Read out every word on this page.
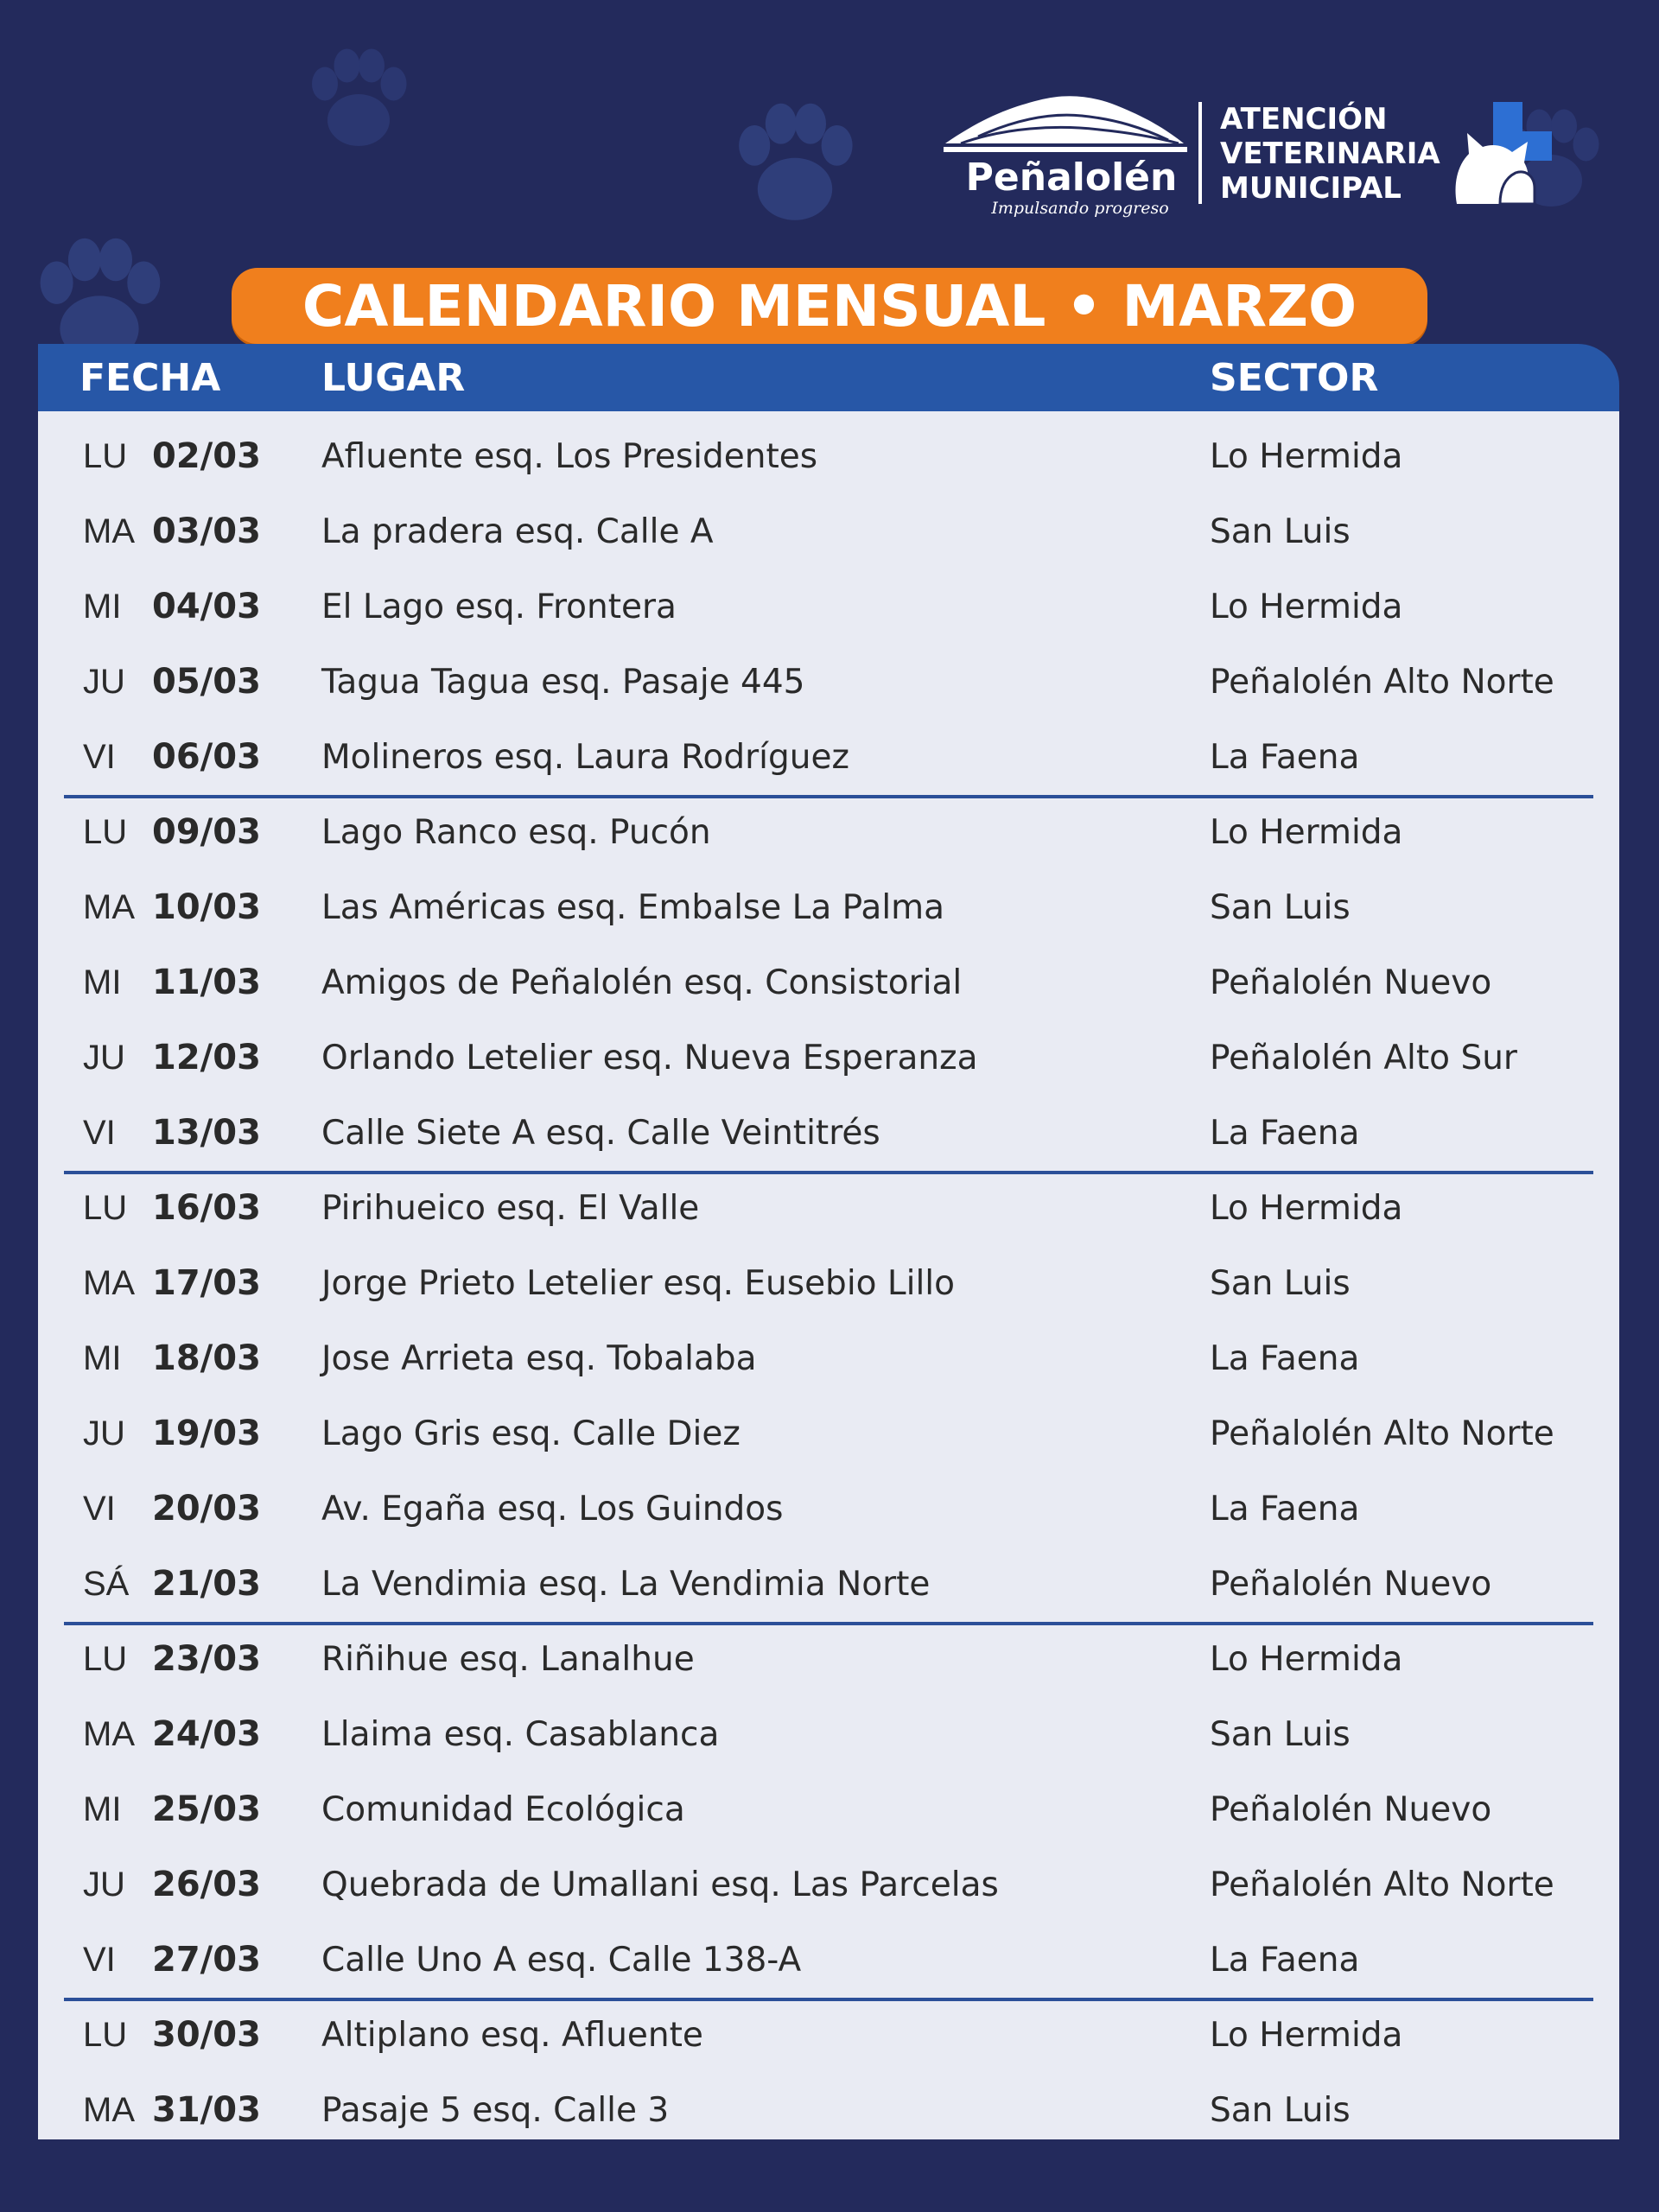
Peñalolén
Impulsando progreso
ATENCIÓN
VETERINARIA
MUNICIPAL
CALENDARIO MENSUAL • MARZO
FECHA	LUGAR	SECTOR
LU 02/03 Afluente esq. Los Presidentes	Lo Hermida
MA 03/03 La pradera esq. Calle A	San Luis
MI 04/03 El Lago esq. Frontera	Lo Hermida
JU 05/03 Tagua Tagua esq. Pasaje 445	Peñalolén Alto Norte
VI 06/03 Molineros esq. Laura Rodríguez	La Faena
LU 09/03 Lago Ranco esq. Pucón	Lo Hermida
MA 10/03 Las Américas esq. Embalse La Palma	San Luis
MI 11/03 Amigos de Peñalolén esq. Consistorial	Peñalolén Nuevo
JU 12/03 Orlando Letelier esq. Nueva Esperanza	Peñalolén Alto Sur
VI 13/03 Calle Siete A esq. Calle Veintitrés	La Faena
LU 16/03 Pirihueico esq. El Valle	Lo Hermida
MA 17/03 Jorge Prieto Letelier esq. Eusebio Lillo	San Luis
MI 18/03 Jose Arrieta esq. Tobalaba	La Faena
JU 19/03 Lago Gris esq. Calle Diez	Peñalolén Alto Norte
VI 20/03 Av. Egaña esq. Los Guindos	La Faena
SÁ 21/03 La Vendimia esq. La Vendimia Norte	Peñalolén Nuevo
LU 23/03 Riñihue esq. Lanalhue	Lo Hermida
MA 24/03 Llaima esq. Casablanca	San Luis
MI 25/03 Comunidad Ecológica	Peñalolén Nuevo
JU 26/03 Quebrada de Umallani esq. Las Parcelas	Peñalolén Alto Norte
VI 27/03 Calle Uno A esq. Calle 138-A	La Faena
LU 30/03 Altiplano esq. Afluente	Lo Hermida
MA 31/03 Pasaje 5 esq. Calle 3	San Luis
